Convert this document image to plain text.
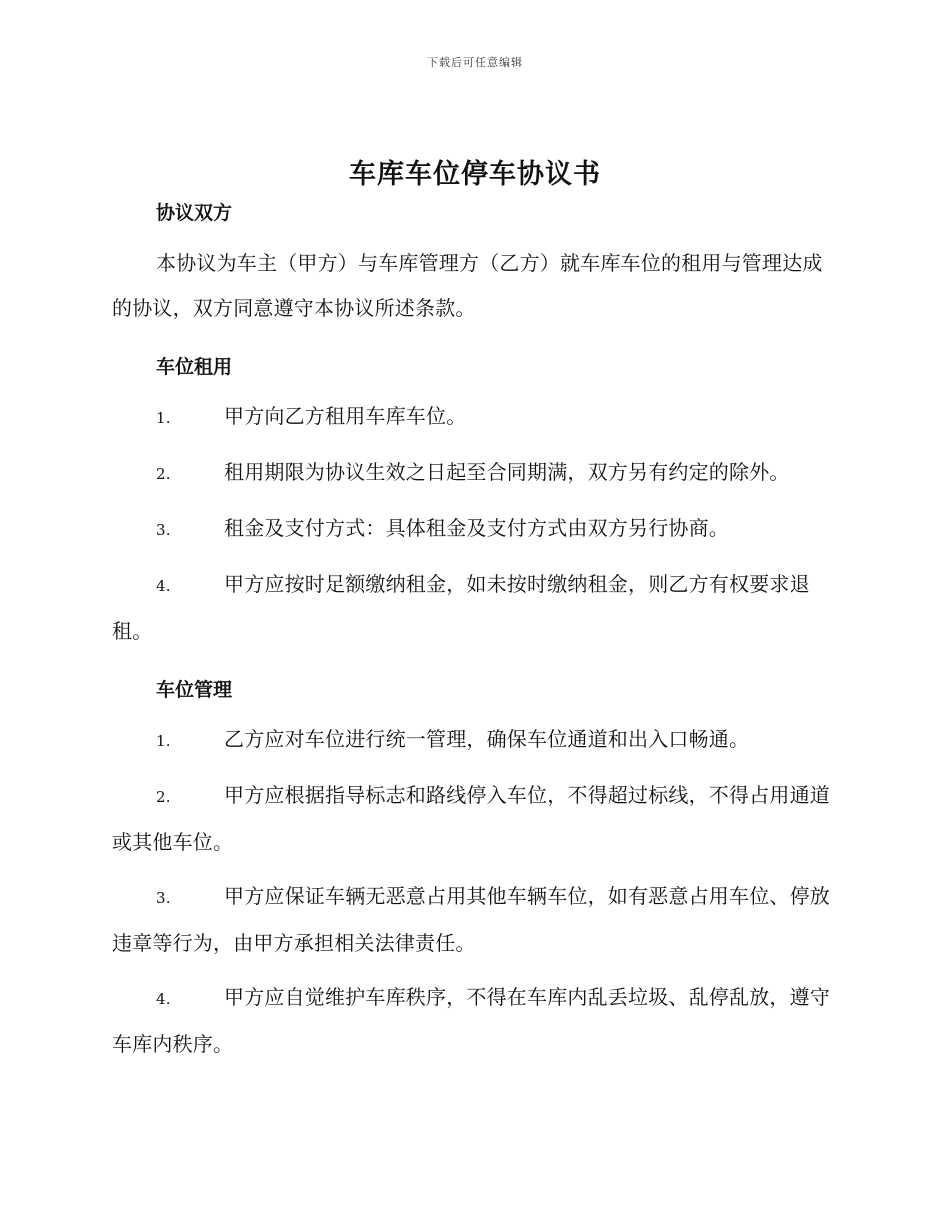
下载后可任意编辑
车库车位停车协议书
协议双方

本协议为车主（甲方）与车库管理方（乙方）就车库车位的租用与管理达成的协议，双方同意遵守本协议所述条款。

车位租用
1.	甲方向乙方租用车库车位。
2.	租用期限为协议生效之日起至合同期满，双方另有约定的除外。
3.	租金及支付方式：具体租金及支付方式由双方另行协商。
4.	甲方应按时足额缴纳租金，如未按时缴纳租金，则乙方有权要求退租。
车位管理
1.	乙方应对车位进行统一管理，确保车位通道和出入口畅通。
2.	甲方应根据指导标志和路线停入车位，不得超过标线，不得占用通道或其他车位。
3.	甲方应保证车辆无恶意占用其他车辆车位，如有恶意占用车位、停放违章等行为，由甲方承担相关法律责任。
4.	甲方应自觉维护车库秩序，不得在车库内乱丢垃圾、乱停乱放，遵守车库内秩序。
